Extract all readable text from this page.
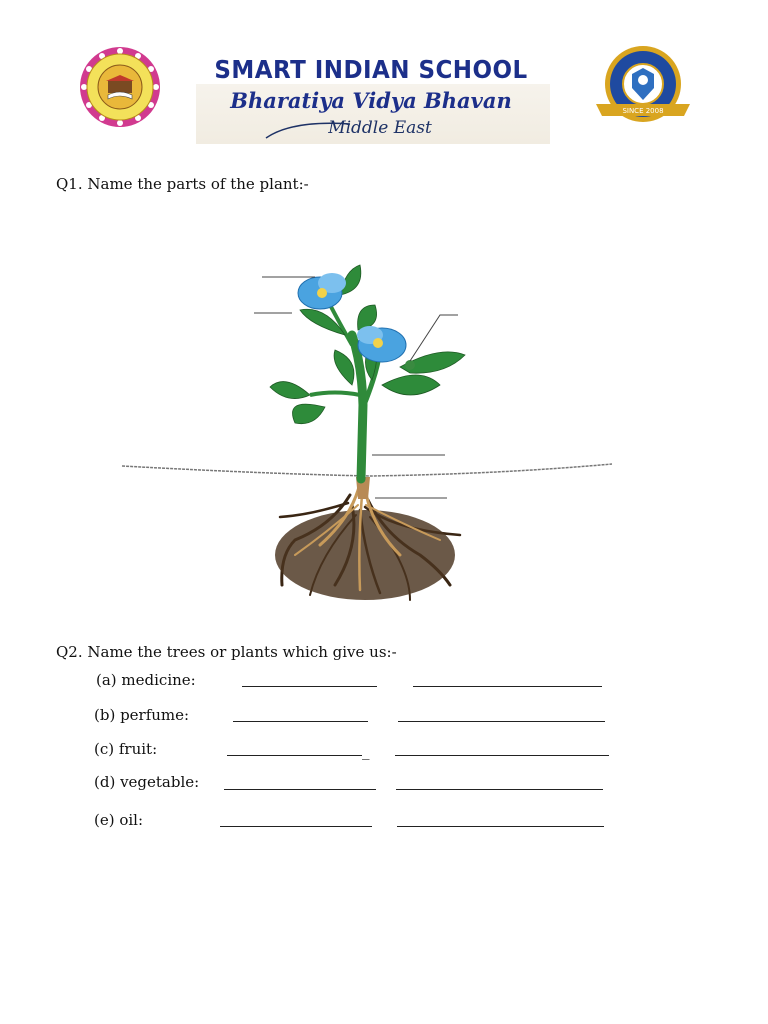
SMART INDIAN SCHOOL
Bharatiya Vidya Bhavan
Middle East
SINCE 2008
Q1. Name the parts of the plant:-
Q2. Name the trees or plants which give us:-
(a) medicine:
(b) perfume:
(c) fruit:	_
(d) vegetable:
(e) oil:
